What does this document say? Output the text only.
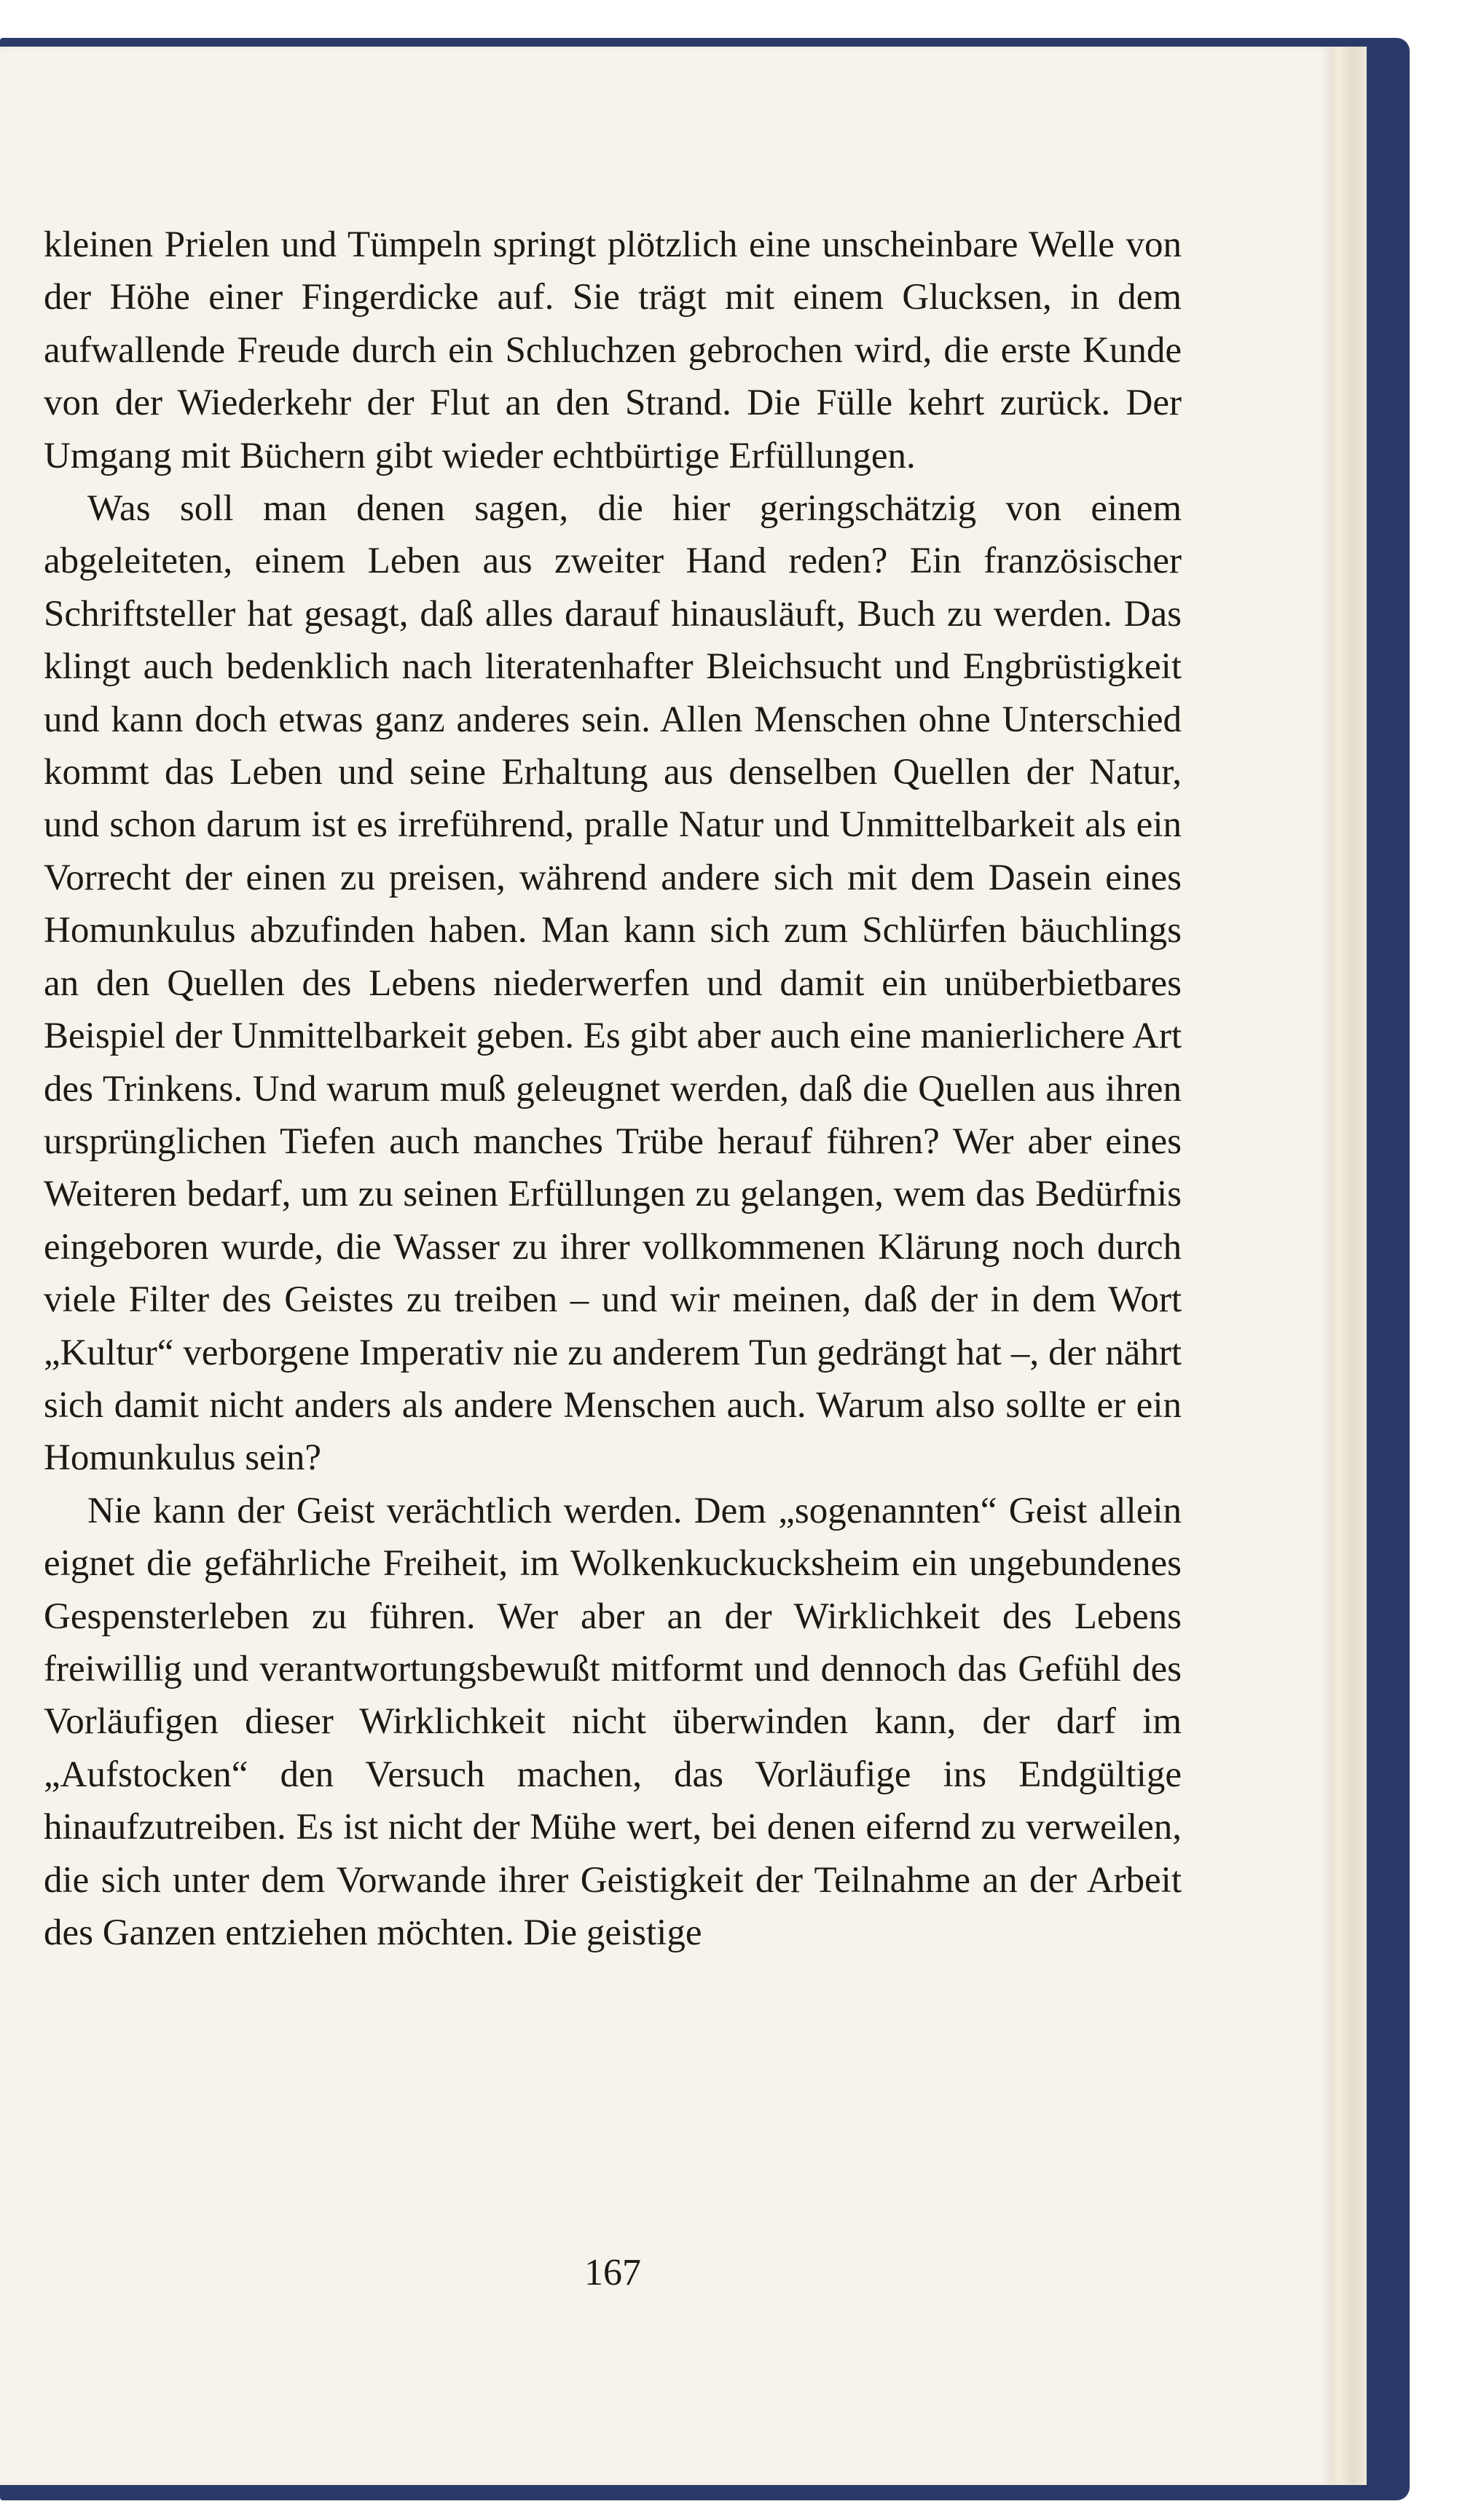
kleinen Prielen und Tümpeln springt plötzlich eine unscheinbare Welle von der Höhe einer Fingerdicke auf. Sie trägt mit einem Glucksen, in dem aufwallende Freude durch ein Schluchzen gebrochen wird, die erste Kunde von der Wiederkehr der Flut an den Strand. Die Fülle kehrt zurück. Der Umgang mit Büchern gibt wieder echtbürtige Erfüllungen.

Was soll man denen sagen, die hier geringschätzig von einem abgeleiteten, einem Leben aus zweiter Hand reden? Ein französischer Schriftsteller hat gesagt, daß alles darauf hinausläuft, Buch zu werden. Das klingt auch bedenklich nach literatenhafter Bleichsucht und Engbrüstigkeit und kann doch etwas ganz anderes sein. Allen Menschen ohne Unterschied kommt das Leben und seine Erhaltung aus denselben Quellen der Natur, und schon darum ist es irreführend, pralle Natur und Unmittelbarkeit als ein Vorrecht der einen zu preisen, während andere sich mit dem Dasein eines Homunkulus abzufinden haben. Man kann sich zum Schlürfen bäuchlings an den Quellen des Lebens niederwerfen und damit ein unüberbietbares Beispiel der Unmittelbarkeit geben. Es gibt aber auch eine manierlichere Art des Trinkens. Und warum muß geleugnet werden, daß die Quellen aus ihren ursprünglichen Tiefen auch manches Trübe herauf führen? Wer aber eines Weiteren bedarf, um zu seinen Erfüllungen zu gelangen, wem das Bedürfnis eingeboren wurde, die Wasser zu ihrer vollkommenen Klärung noch durch viele Filter des Geistes zu treiben – und wir meinen, daß der in dem Wort „Kultur“ verborgene Imperativ nie zu anderem Tun gedrängt hat –, der nährt sich damit nicht anders als andere Menschen auch. Warum also sollte er ein Homunkulus sein?

Nie kann der Geist verächtlich werden. Dem „sogenannten“ Geist allein eignet die gefährliche Freiheit, im Wolkenkuckucksheim ein ungebundenes Gespensterleben zu führen. Wer aber an der Wirklichkeit des Lebens freiwillig und verantwortungsbewußt mitformt und dennoch das Gefühl des Vorläufigen dieser Wirklichkeit nicht überwinden kann, der darf im „Aufstocken“ den Versuch machen, das Vorläufige ins Endgültige hinaufzutreiben. Es ist nicht der Mühe wert, bei denen eifernd zu verweilen, die sich unter dem Vorwande ihrer Geistigkeit der Teilnahme an der Arbeit des Ganzen entziehen möchten. Die geistige

167
